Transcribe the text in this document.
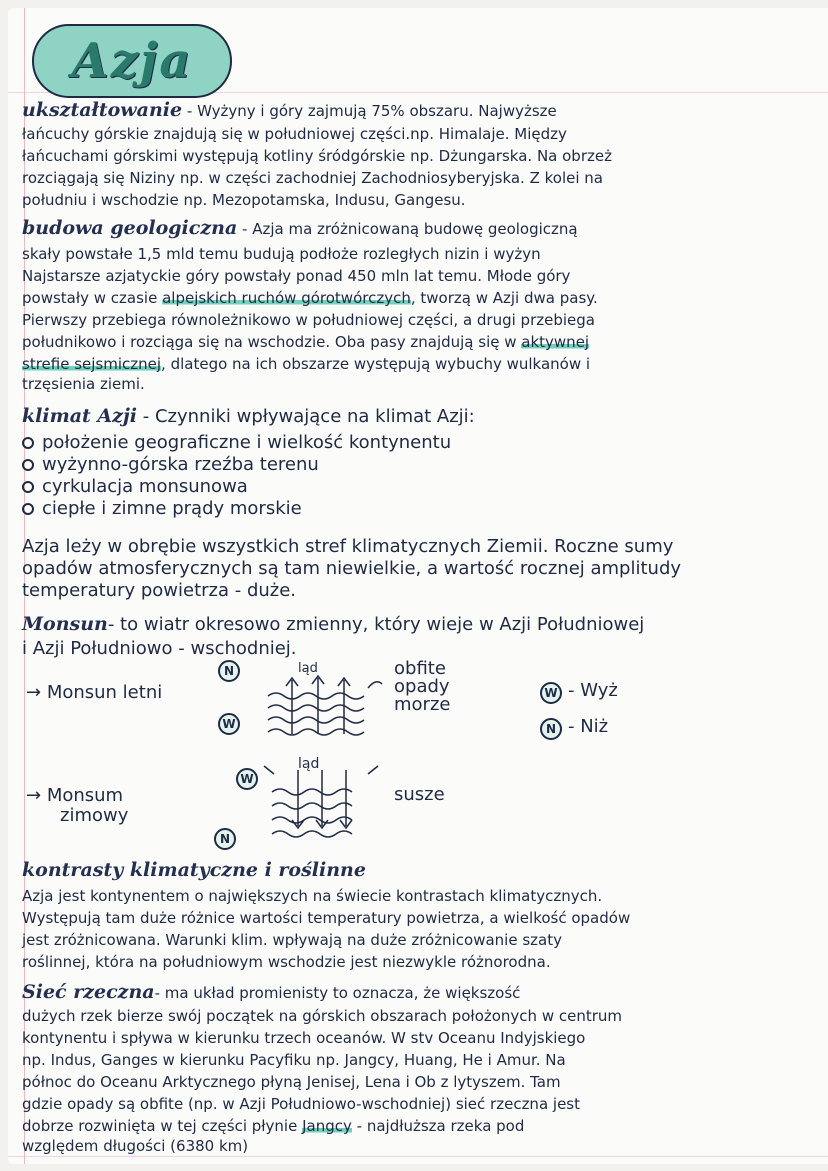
Azja
ukształtowanie - Wyżyny i góry zajmują 75% obszaru. Najwyższe
łańcuchy górskie znajdują się w południowej części.np. Himalaje. Między
łańcuchami górskimi występują kotliny śródgórskie np. Dżungarska. Na obrzeż
rozciągają się Niziny np. w części zachodniej Zachodniosyberyjska. Z kolei na
południu i wschodzie np. Mezopotamska, Indusu, Gangesu.
budowa geologiczna - Azja ma zróżnicowaną budowę geologiczną
skały powstałe 1,5 mld temu budują podłoże rozległych nizin i wyżyn
Najstarsze azjatyckie góry powstały ponad 450 mln lat temu. Młode góry
powstały w czasie alpejskich ruchów górotwórczych, tworzą w Azji dwa pasy.
Pierwszy przebiega równoleżnikowo w południowej części, a drugi przebiega
południkowo i rozciąga się na wschodzie. Oba pasy znajdują się w aktywnej
strefie sejsmicznej, dlatego na ich obszarze występują wybuchy wulkanów i
trzęsienia ziemi.
klimat Azji - Czynniki wpływające na klimat Azji:
położenie geograficzne i wielkość kontynentu
wyżynno-górska rzeźba terenu
cyrkulacja monsunowa
ciepłe i zimne prądy morskie
Azja leży w obrębie wszystkich stref klimatycznych Ziemii. Roczne sumy
opadów atmosferycznych są tam niewielkie, a wartość rocznej amplitudy
temperatury powietrza - duże.
Monsun- to wiatr okresowo zmienny, który wieje w Azji Południowej
i Azji Południowo - wschodniej.
→ Monsun letni
N
W
ląd	obfite
opady
morze
W - Wyż
N - Niż
W
ląd
N
→ Monsum
zimowy
susze
kontrasty klimatyczne i roślinne
Azja jest kontynentem o największych na świecie kontrastach klimatycznych.
Występują tam duże różnice wartości temperatury powietrza, a wielkość opadów
jest zróżnicowana. Warunki klim. wpływają na duże zróżnicowanie szaty
roślinnej, która na południowym wschodzie jest niezwykle różnorodna.
Sieć rzeczna- ma układ promienisty to oznacza, że większość
dużych rzek bierze swój początek na górskich obszarach położonych w centrum
kontynentu i spływa w kierunku trzech oceanów. W stv Oceanu Indyjskiego
np. Indus, Ganges w kierunku Pacyfiku np. Jangcy, Huang, He i Amur. Na
północ do Oceanu Arktycznego płyną Jenisej, Lena i Ob z lytyszem. Tam
gdzie opady są obfite (np. w Azji Południowo-wschodniej) sieć rzeczna jest
dobrze rozwinięta w tej części płynie Jangcy - najdłuższa rzeka pod
względem długości (6380 km)
